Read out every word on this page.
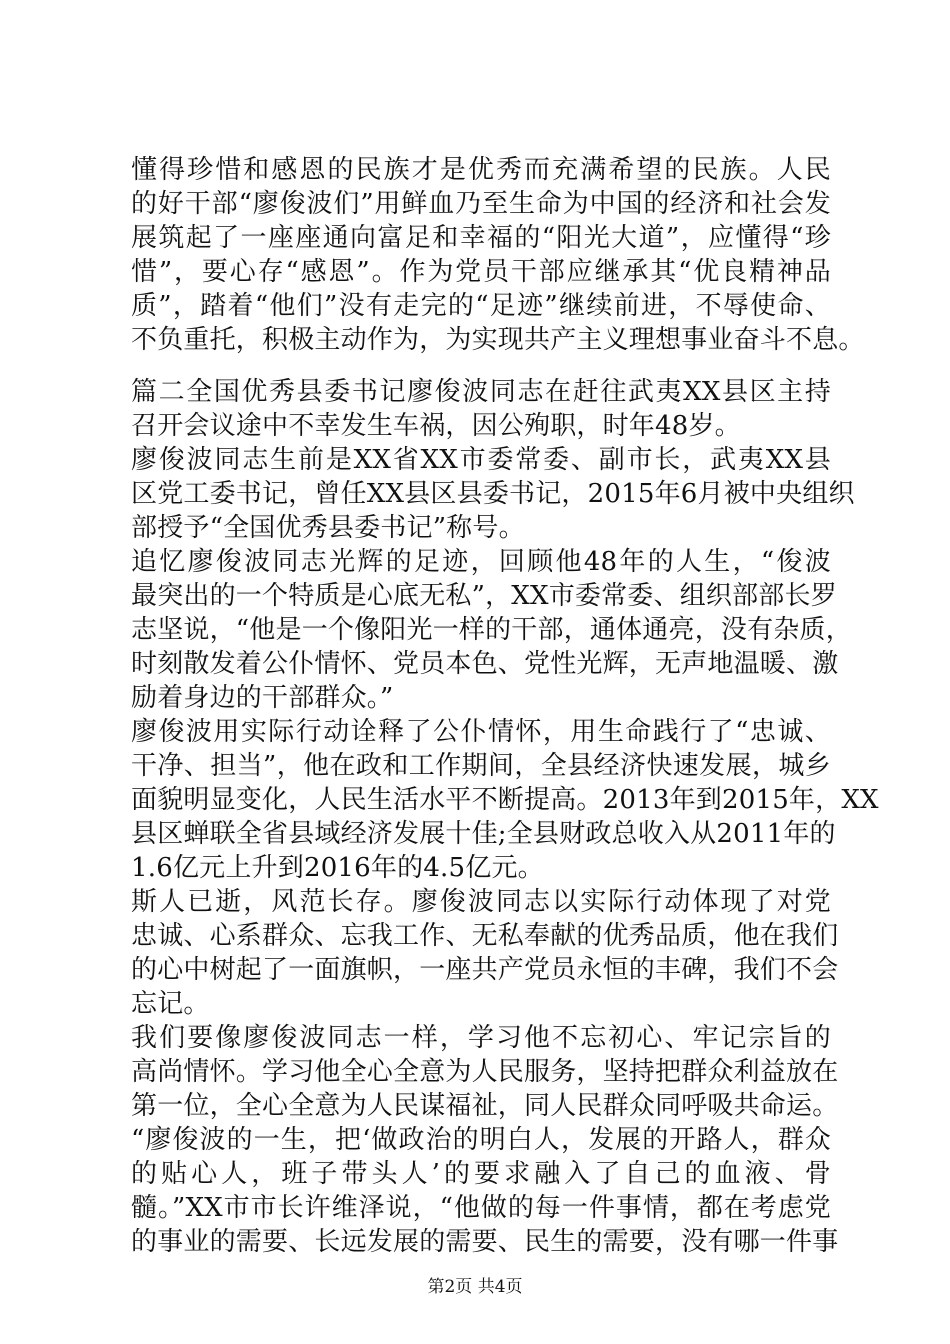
懂得珍惜和感恩的民族才是优秀而充满希望的民族。人民
的好干部“廖俊波们”用鲜血乃至生命为中国的经济和社会发
展筑起了一座座通向富足和幸福的“阳光大道”，应懂得“珍
惜”，要心存“感恩”。作为党员干部应继承其“优良精神品
质”，踏着“他们”没有走完的“足迹”继续前进，不辱使命、
不负重托，积极主动作为，为实现共产主义理想事业奋斗不息。
篇二全国优秀县委书记廖俊波同志在赶往武夷XX县区主持
召开会议途中不幸发生车祸，因公殉职，时年48岁。
廖俊波同志生前是XX省XX市委常委、副市长，武夷XX县
区党工委书记，曾任XX县区县委书记，2015年6月被中央组织
部授予“全国优秀县委书记”称号。
追忆廖俊波同志光辉的足迹，回顾他48年的人生，“俊波
最突出的一个特质是心底无私”，XX市委常委、组织部部长罗
志坚说，“他是一个像阳光一样的干部，通体通亮，没有杂质，
时刻散发着公仆情怀、党员本色、党性光辉，无声地温暖、激
励着身边的干部群众。”
廖俊波用实际行动诠释了公仆情怀，用生命践行了“忠诚、
干净、担当”，他在政和工作期间，全县经济快速发展，城乡
面貌明显变化，人民生活水平不断提高。2013年到2015年，XX
县区蝉联全省县域经济发展十佳;全县财政总收入从2011年的
1.6亿元上升到2016年的4.5亿元。
斯人已逝，风范长存。廖俊波同志以实际行动体现了对党
忠诚、心系群众、忘我工作、无私奉献的优秀品质，他在我们
的心中树起了一面旗帜，一座共产党员永恒的丰碑，我们不会
忘记。
我们要像廖俊波同志一样，学习他不忘初心、牢记宗旨的
高尚情怀。学习他全心全意为人民服务，坚持把群众利益放在
第一位，全心全意为人民谋福祉，同人民群众同呼吸共命运。
“廖俊波的一生，把‘做政治的明白人，发展的开路人，群众
的贴心人，班子带头人’的要求融入了自己的血液、骨
髓。”XX市市长许维泽说，“他做的每一件事情，都在考虑党
的事业的需要、长远发展的需要、民生的需要，没有哪一件事
第2页 共4页
